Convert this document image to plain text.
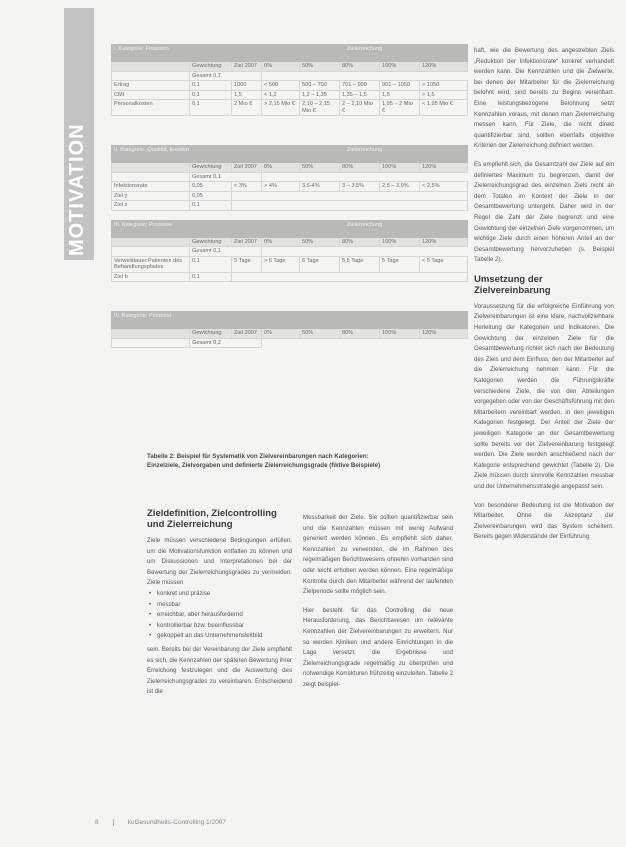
MOTIVATION
I. Kategorie: Finanzen			Zielerreichung				
	Gewichtung	Ziel 2007	0%	50%	80%	100%	120%
	Gesamt 0,7						
Ertrag	0,1	1000	< 500	500 – 700	701 – 900	901 – 1050	> 1050
CMI	0,1	1,5	< 1,2	1,2 – 1,35	1,35 – 1,5	1,5	> 1,5
Personalkosten	0,1	2 Mio €	> 2,15 Mio €	2,10 – 2,15 Mio €	2 – 2,10 Mio €	1,95 – 2 Mio €	< 1,95 Mio €

II. Kategorie: Qualität, Kunden			Zielerreichung				
	Gewichtung	Ziel 2007	0%	50%	80%	100%	120%
	Gesamt 0,1						
Infektionsrate	0,05	< 3%	> 4%	3,5-4%	3 – 3,5%	2,5 – 3,0%	< 2,5%
Ziel y	0,05						
Ziel z	0,1						

III. Kategorie: Prozesse			Zielerreichung				
	Gewichtung	Ziel 2007	0%	50%	80%	100%	120%
	Gesamt 0,1						
Verweildauer Patienten des Behandlungspfades	0,1	5 Tage	> 6 Tage	6 Tage	5,5 Tage	5 Tage	< 5 Tage
Ziel b	0,1						

IV. Kategorie: Personal							
	Gewichtung	Ziel 2007	0%	50%	80%	100%	120%
	Gesamt 0,2						
Tabelle 2: Beispiel für Systematik von Zielvereinbarungen nach Kategorien: Einzelziele, Zielvorgaben und definierte Zielerreichungsgrade (fiktive Beispiele)
Zieldefinition, Zielcontrolling und Zielerreichung

Ziele müssen verschiedene Bedingungen erfüllen, um die Motivationsfunktion entfalten zu können und um Diskussionen und Interpretationen bei der Bewertung der Zielerreichungsgrades zu vermeiden. Ziele müssen

• konkret und präzise
• messbar
• erreichbar, aber herausfordernd
• kontrollierbar bzw. beeinflussbar
• gekoppelt an das Unternehmensleitbild

sein. Bereits bei der Vereinbarung der Ziele empfiehlt es sich, die Kennzahlen der späteren Bewertung ihrer Erreichung festzulegen und die Auswertung des Zielerreichungsgrades zu vereinbaren. Entscheidend ist die

Messbarkeit der Ziele. Sie sollten quantifizierbar sein und die Kennzahlen müssen mit wenig Aufwand generiert werden können. Es empfiehlt sich daher, Kennzahlen zu verwenden, die im Rahmen des regelmäßigen Berichtswesens ohnehin vorhanden sind oder leicht erhoben werden können. Eine regelmäßige Kontrolle durch den Mitarbeiter während der laufenden Zielperiode sollte möglich sein.

Hier besteht für das Controlling die neue Herausforderung, das Berichtswesen um relevante Kennzahlen der Zielvereinbarungen zu erweitern. Nur so werden Kliniken und andere Einrichtungen in die Lage versetzt, die Ergebnisse und Zielerreichungsgrade regelmäßig zu überprüfen und notwendige Korrekturen frühzeitig einzuleiten. Tabelle 2 zeigt beispiel-

haft, wie die Bewertung des angestrebten Ziels „Reduktion der Infektionsrate“ konkret verhandelt werden kann. Die Kennzahlen und die Zielwerte, bei denen der Mitarbeiter für die Zielerreichung belohnt wird, sind bereits zu Beginn vereinbart. Eine leistungsbezogene Belohnung setzt Kennzahlen voraus, mit denen man Zielerreichung messen kann. Für Ziele, die nicht direkt quantifizierbar sind, sollten ebenfalls objektive Kriterien der Zielerreichung definiert werden.

Es empfiehlt sich, die Gesamtzahl der Ziele auf ein definiertes Maximum zu begrenzen, damit der Zielerreichungsgrad des einzelnen Ziels nicht an dem Totalen im Kontext der Ziele in der Gesamtbewertung untergeht. Daher wird in der Regel die Zahl der Ziele begrenzt und eine Gewichtung der einzelnen Ziele vorgenommen, um wichtige Ziele durch einen höheren Anteil an der Gesamtbewertung hervorzuheben (s. Beispiel Tabelle 2).

Umsetzung der Zielvereinbarung

Voraussetzung für die erfolgreiche Einführung von Zielvereinbarungen ist eine klare, nachvollziehbare Herleitung der Kategorien und Indikatoren. Die Gewichtung der einzelnen Ziele für die Gesamtbewertung richtet sich nach der Bedeutung des Ziels und dem Einfluss, den der Mitarbeiter auf die Zielerreichung nehmen kann. Für die Kategorien werden die Führungskräfte verschiedene Ziele, die von den Abteilungen vorgegeben oder von der Geschäftsführung mit den Mitarbeitern vereinbart werden, in den jeweiligen Kategorien festgelegt. Der Anteil der Ziele der jeweiligen Kategorie an der Gesamtbewertung sollte bereits vor der Zielvereinbarung festgelegt werden. Die Ziele werden anschließend nach der Kategorie entsprechend gewichtet (Tabelle 2). Die Ziele müssen durch sinnvolle Kennzahlen messbar und der Unternehmensstrategie angepasst sein.

Von besonderer Bedeutung ist die Motivation der Mitarbeiter. Ohne die Akzeptanz der Zielvereinbarungen wird das System scheitern. Bereits gegen Widerstände der Einführung

8	kuGesundheits-Controlling 1/2007
